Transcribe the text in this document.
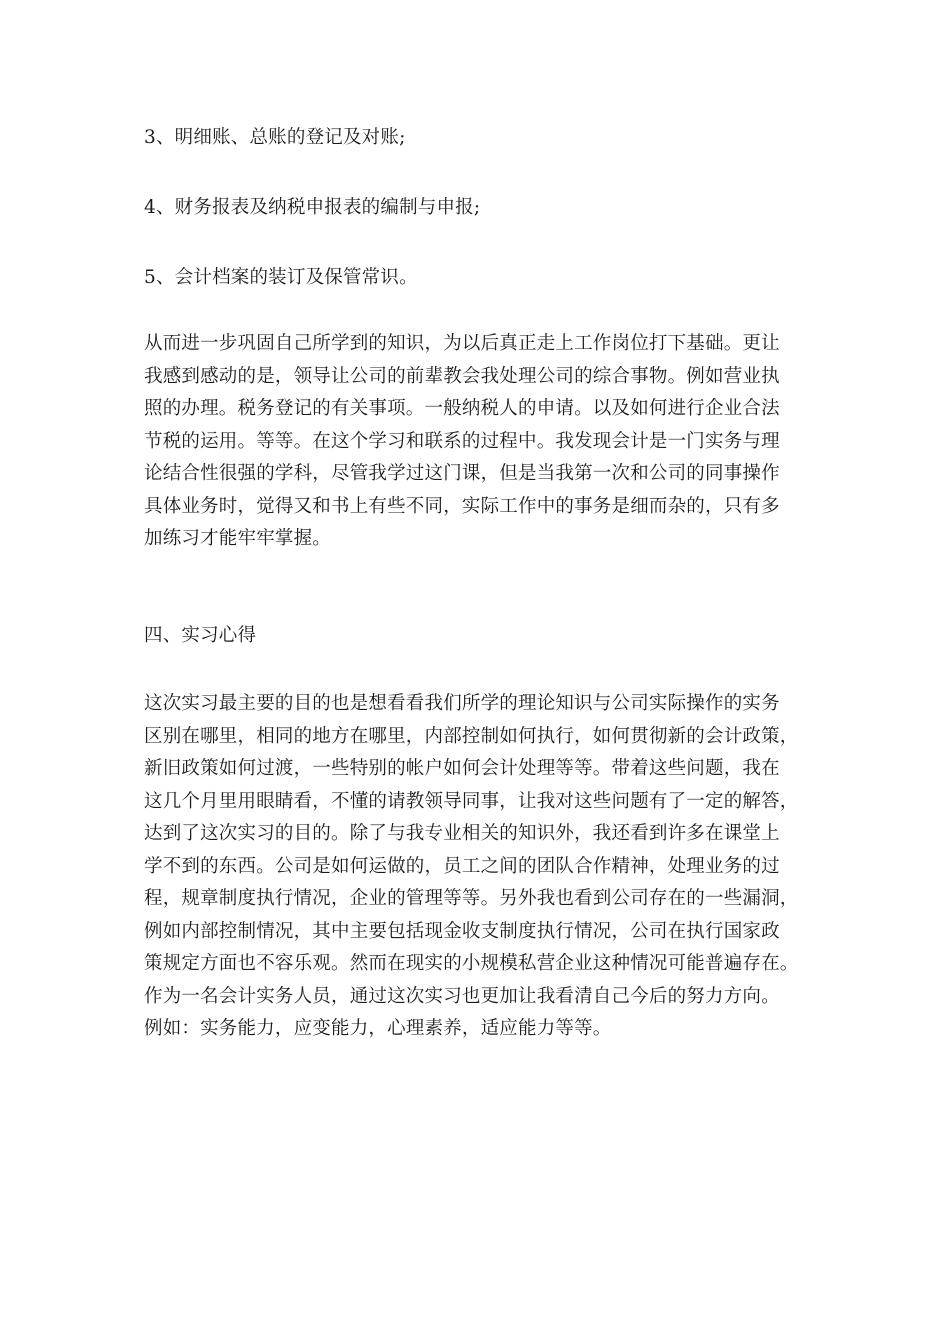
3、明细账、总账的登记及对账;

4、财务报表及纳税申报表的编制与申报;

5、会计档案的装订及保管常识。

从而进一步巩固自己所学到的知识，为以后真正走上工作岗位打下基础。更让
我感到感动的是，领导让公司的前辈教会我处理公司的综合事物。例如营业执
照的办理。税务登记的有关事项。一般纳税人的申请。以及如何进行企业合法
节税的运用。等等。在这个学习和联系的过程中。我发现会计是一门实务与理
论结合性很强的学科，尽管我学过这门课，但是当我第一次和公司的同事操作
具体业务时，觉得又和书上有些不同，实际工作中的事务是细而杂的，只有多
加练习才能牢牢掌握。
四、实习心得
这次实习最主要的目的也是想看看我们所学的理论知识与公司实际操作的实务
区别在哪里，相同的地方在哪里，内部控制如何执行，如何贯彻新的会计政策，
新旧政策如何过渡，一些特别的帐户如何会计处理等等。带着这些问题，我在
这几个月里用眼睛看，不懂的请教领导同事，让我对这些问题有了一定的解答，
达到了这次实习的目的。除了与我专业相关的知识外，我还看到许多在课堂上
学不到的东西。公司是如何运做的，员工之间的团队合作精神，处理业务的过
程，规章制度执行情况，企业的管理等等。另外我也看到公司存在的一些漏洞，
例如内部控制情况，其中主要包括现金收支制度执行情况，公司在执行国家政
策规定方面也不容乐观。然而在现实的小规模私营企业这种情况可能普遍存在。
作为一名会计实务人员，通过这次实习也更加让我看清自己今后的努力方向。
例如：实务能力，应变能力，心理素养，适应能力等等。
